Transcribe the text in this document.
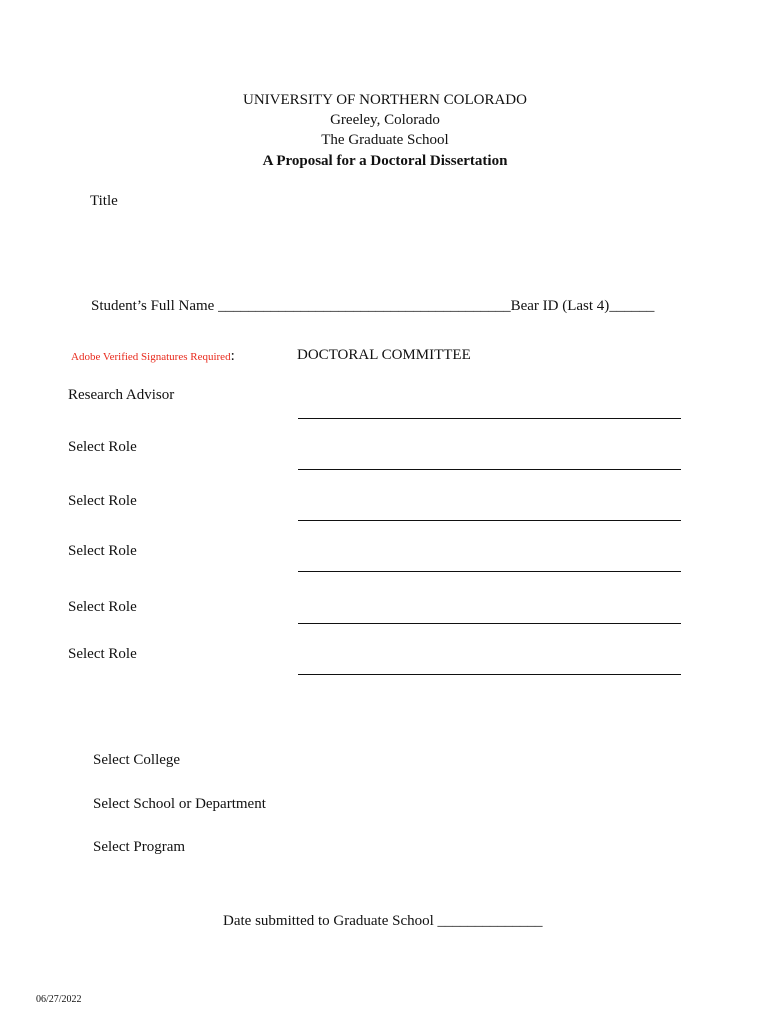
UNIVERSITY OF NORTHERN COLORADO
Greeley, Colorado
The Graduate School
A Proposal for a Doctoral Dissertation
Title
Student’s Full Name _______________________________________Bear ID (Last 4)______
Adobe Verified Signatures Required:	DOCTORAL COMMITTEE
Research Advisor
Select Role
Select Role
Select Role
Select Role
Select Role
Select College
Select School or Department
Select Program
Date submitted to Graduate School ______________
06/27/2022
